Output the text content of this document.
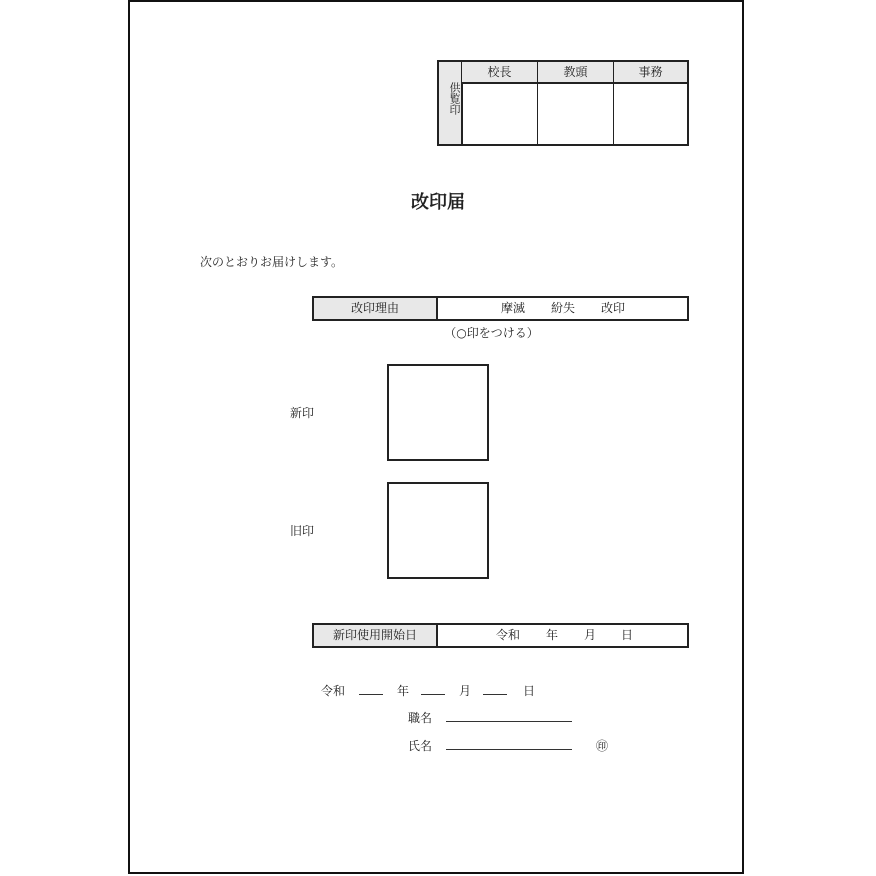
供覧印
校長	教頭	事務
改印届
次のとおりお届けします。
改印理由	摩滅 紛失 改印
（○印をつける）
新印
旧印
新印使用開始日	令和 年 月 日
令和	年	月	日
職名
氏名	㊞
